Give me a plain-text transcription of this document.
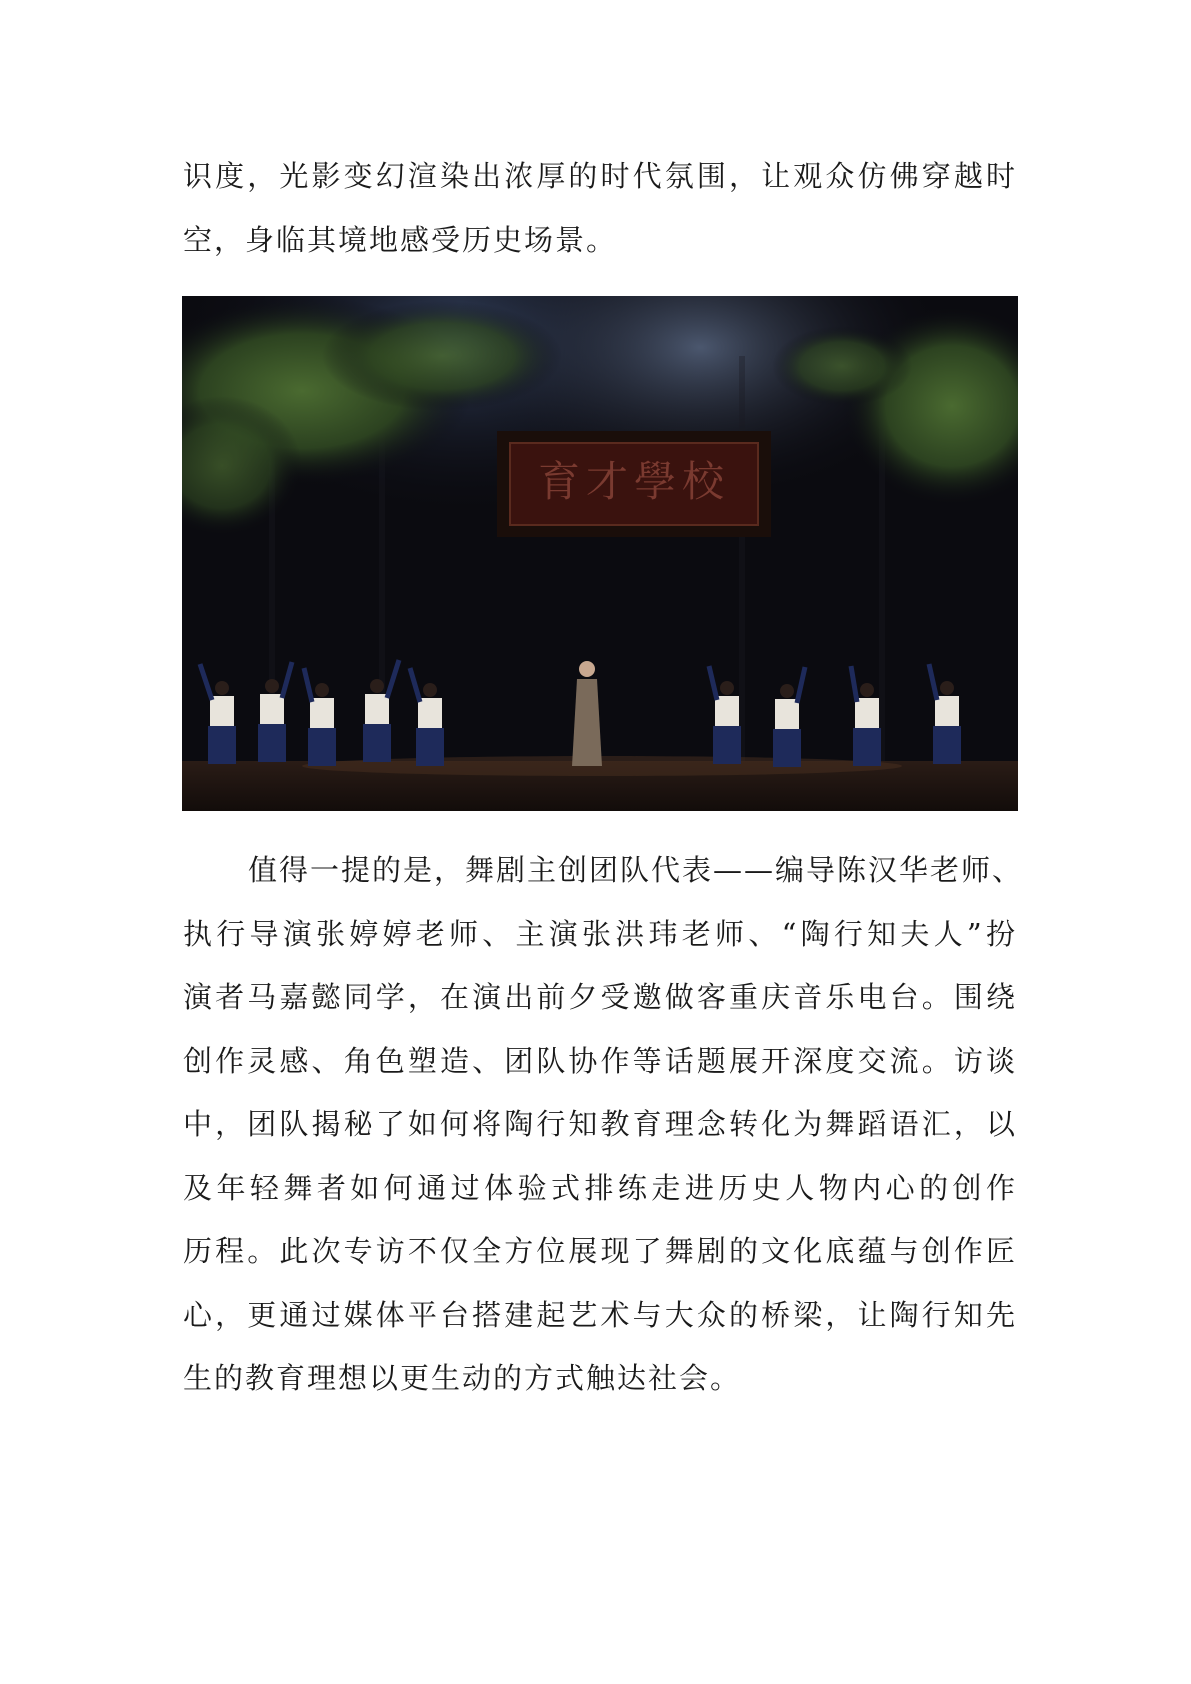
识度，光影变幻渲染出浓厚的时代氛围，让观众仿佛穿越时

空，身临其境地感受历史场景。

育才學校

值得一提的是，舞剧主创团队代表——编导陈汉华老师、

执行导演张婷婷老师、主演张洪玮老师、“陶行知夫人”扮

演者马嘉懿同学，在演出前夕受邀做客重庆音乐电台。围绕

创作灵感、角色塑造、团队协作等话题展开深度交流。访谈

中，团队揭秘了如何将陶行知教育理念转化为舞蹈语汇，以

及年轻舞者如何通过体验式排练走进历史人物内心的创作

历程。此次专访不仅全方位展现了舞剧的文化底蕴与创作匠

心，更通过媒体平台搭建起艺术与大众的桥梁，让陶行知先

生的教育理想以更生动的方式触达社会。
